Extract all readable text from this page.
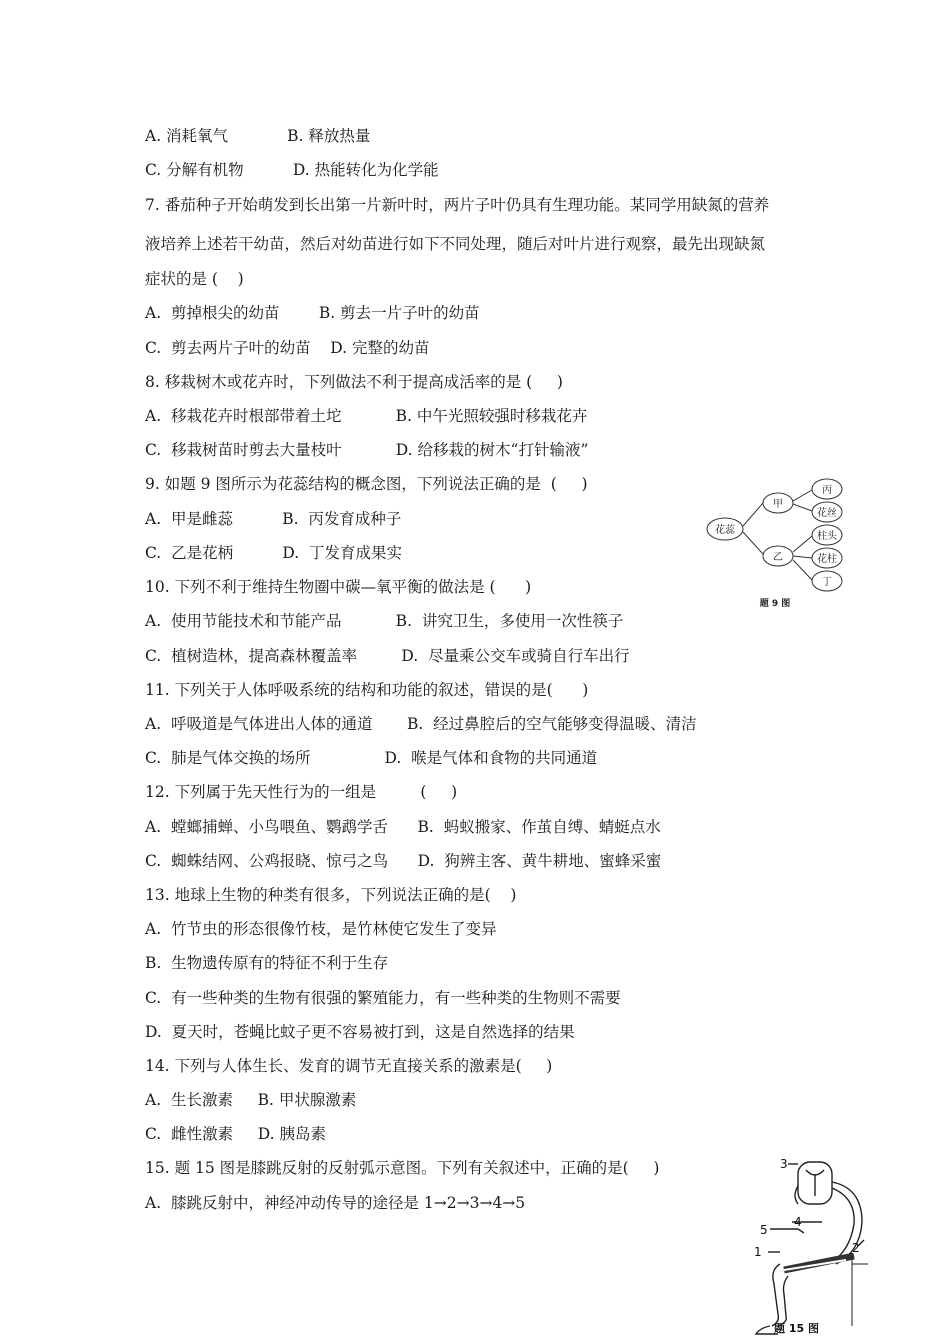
A. 消耗氧气            B. 释放热量
C. 分解有机物          D. 热能转化为化学能
7. 番茄种子开始萌发到长出第一片新叶时，两片子叶仍具有生理功能。某同学用缺氮的营养
液培养上述若干幼苗，然后对幼苗进行如下不同处理，随后对叶片进行观察，最先出现缺氮
症状的是 (    )
A.  剪掉根尖的幼苗        B. 剪去一片子叶的幼苗
C.  剪去两片子叶的幼苗    D. 完整的幼苗
8. 移栽树木或花卉时，下列做法不利于提高成活率的是 (     )
A.  移栽花卉时根部带着土坨           B. 中午光照较强时移栽花卉
C.  移栽树苗时剪去大量枝叶           D. 给移栽的树木“打针输液”
9. 如题 9 图所示为花蕊结构的概念图，下列说法正确的是  (     )
A.  甲是雌蕊          B.  丙发育成种子
C.  乙是花柄          D.  丁发育成果实
10. 下列不利于维持生物圈中碳—氧平衡的做法是 (      )
A.  使用节能技术和节能产品           B.  讲究卫生，多使用一次性筷子
C.  植树造林，提高森林覆盖率         D.  尽量乘公交车或骑自行车出行
11. 下列关于人体呼吸系统的结构和功能的叙述，错误的是(      )
A.  呼吸道是气体进出人体的通道       B.  经过鼻腔后的空气能够变得温暖、清洁
C.  肺是气体交换的场所               D.  喉是气体和食物的共同通道
12. 下列属于先天性行为的一组是         (     )
A.  螳螂捕蝉、小鸟喂鱼、鹦鹉学舌      B.  蚂蚁搬家、作茧自缚、蜻蜓点水
C.  蜘蛛结网、公鸡报晓、惊弓之鸟      D.  狗辨主客、黄牛耕地、蜜蜂采蜜
13. 地球上生物的种类有很多，下列说法正确的是(    )
A.  竹节虫的形态很像竹枝，是竹林使它发生了变异
B.  生物遗传原有的特征不利于生存
C.  有一些种类的生物有很强的繁殖能力，有一些种类的生物则不需要
D.  夏天时，苍蝇比蚊子更不容易被打到，这是自然选择的结果
14. 下列与人体生长、发育的调节无直接关系的激素是(     )
A.  生长激素     B. 甲状腺激素
C.  雌性激素     D. 胰岛素
15. 题 15 图是膝跳反射的反射弧示意图。下列有关叙述中，正确的是(     )
A.  膝跳反射中，神经冲动传导的途径是 1→2→3→4→5
花蕊
甲
乙
丙
花丝
柱头
花柱
丁
题 9 图
3
5
4
1	2
题 15 图
